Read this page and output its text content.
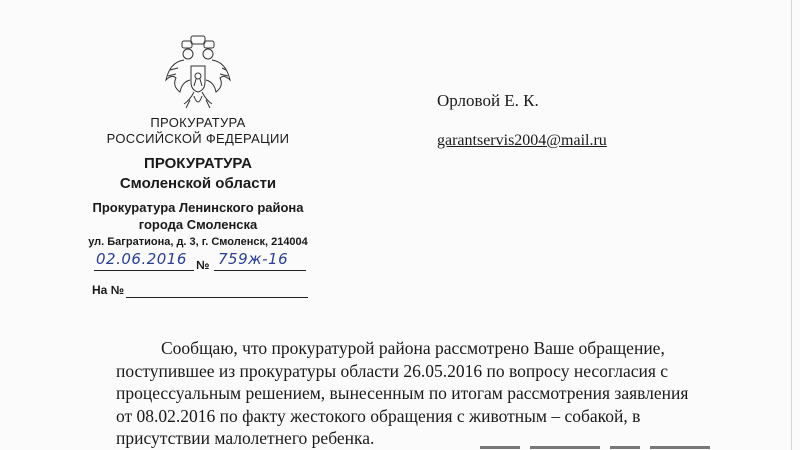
ПРОКУРАТУРА
РОССИЙСКОЙ ФЕДЕРАЦИИ
ПРОКУРАТУРА
Смоленской области
Прокуратура Ленинского района
города Смоленска
ул. Багратиона, д. 3, г. Смоленск, 214004
02.06.2016 № 759ж-16
На №
Орловой Е. К.
garantservis2004@mail.ru

Сообщаю, что прокуратурой района рассмотрено Ваше обращение,

поступившее из прокуратуры области 26.05.2016 по вопросу несогласия с

процессуальным решением, вынесенным по итогам рассмотрения заявления

от 08.02.2016 по факту жестокого обращения с животным – собакой, в

присутствии малолетнего ребенка.
